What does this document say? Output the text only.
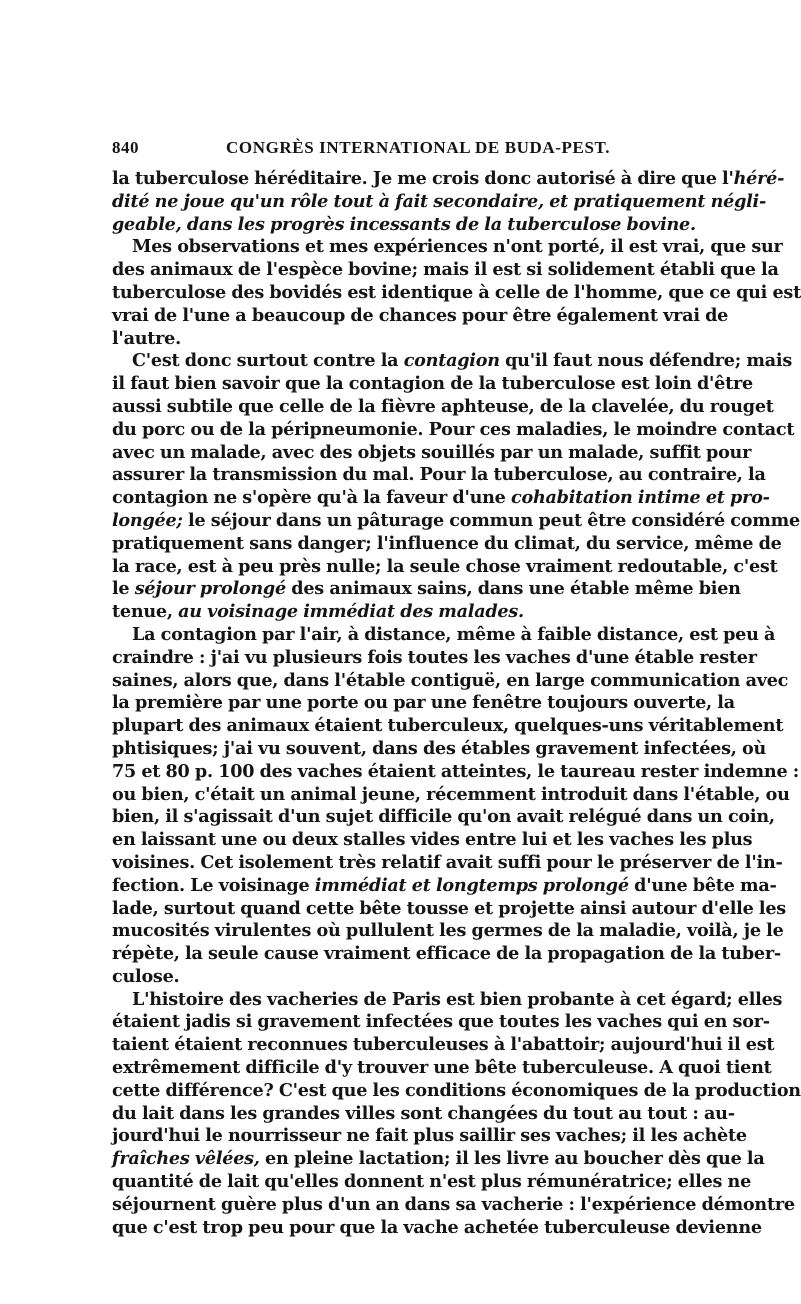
840	CONGRÈS INTERNATIONAL DE BUDA-PEST.
la tuberculose héréditaire. Je me crois donc autorisé à dire que l'héré-
dité ne joue qu'un rôle tout à fait secondaire, et pratiquement négli-
geable, dans les progrès incessants de la tuberculose bovine.
Mes observations et mes expériences n'ont porté, il est vrai, que sur
des animaux de l'espèce bovine; mais il est si solidement établi que la
tuberculose des bovidés est identique à celle de l'homme, que ce qui est
vrai de l'une a beaucoup de chances pour être également vrai de
l'autre.
C'est donc surtout contre la contagion qu'il faut nous défendre; mais
il faut bien savoir que la contagion de la tuberculose est loin d'être
aussi subtile que celle de la fièvre aphteuse, de la clavelée, du rouget
du porc ou de la péripneumonie. Pour ces maladies, le moindre contact
avec un malade, avec des objets souillés par un malade, suffit pour
assurer la transmission du mal. Pour la tuberculose, au contraire, la
contagion ne s'opère qu'à la faveur d'une cohabitation intime et pro-
longée; le séjour dans un pâturage commun peut être considéré comme
pratiquement sans danger; l'influence du climat, du service, même de
la race, est à peu près nulle; la seule chose vraiment redoutable, c'est
le séjour prolongé des animaux sains, dans une étable même bien
tenue, au voisinage immédiat des malades.
La contagion par l'air, à distance, même à faible distance, est peu à
craindre : j'ai vu plusieurs fois toutes les vaches d'une étable rester
saines, alors que, dans l'étable contiguë, en large communication avec
la première par une porte ou par une fenêtre toujours ouverte, la
plupart des animaux étaient tuberculeux, quelques-uns véritablement
phtisiques; j'ai vu souvent, dans des étables gravement infectées, où
75 et 80 p. 100 des vaches étaient atteintes, le taureau rester indemne :
ou bien, c'était un animal jeune, récemment introduit dans l'étable, ou
bien, il s'agissait d'un sujet difficile qu'on avait relégué dans un coin,
en laissant une ou deux stalles vides entre lui et les vaches les plus
voisines. Cet isolement très relatif avait suffi pour le préserver de l'in-
fection. Le voisinage immédiat et longtemps prolongé d'une bête ma-
lade, surtout quand cette bête tousse et projette ainsi autour d'elle les
mucosités virulentes où pullulent les germes de la maladie, voilà, je le
répète, la seule cause vraiment efficace de la propagation de la tuber-
culose.
L'histoire des vacheries de Paris est bien probante à cet égard; elles
étaient jadis si gravement infectées que toutes les vaches qui en sor-
taient étaient reconnues tuberculeuses à l'abattoir; aujourd'hui il est
extrêmement difficile d'y trouver une bête tuberculeuse. A quoi tient
cette différence? C'est que les conditions économiques de la production
du lait dans les grandes villes sont changées du tout au tout : au-
jourd'hui le nourrisseur ne fait plus saillir ses vaches; il les achète
fraîches vêlées, en pleine lactation; il les livre au boucher dès que la
quantité de lait qu'elles donnent n'est plus rémunératrice; elles ne
séjournent guère plus d'un an dans sa vacherie : l'expérience démontre
que c'est trop peu pour que la vache achetée tuberculeuse devienne
